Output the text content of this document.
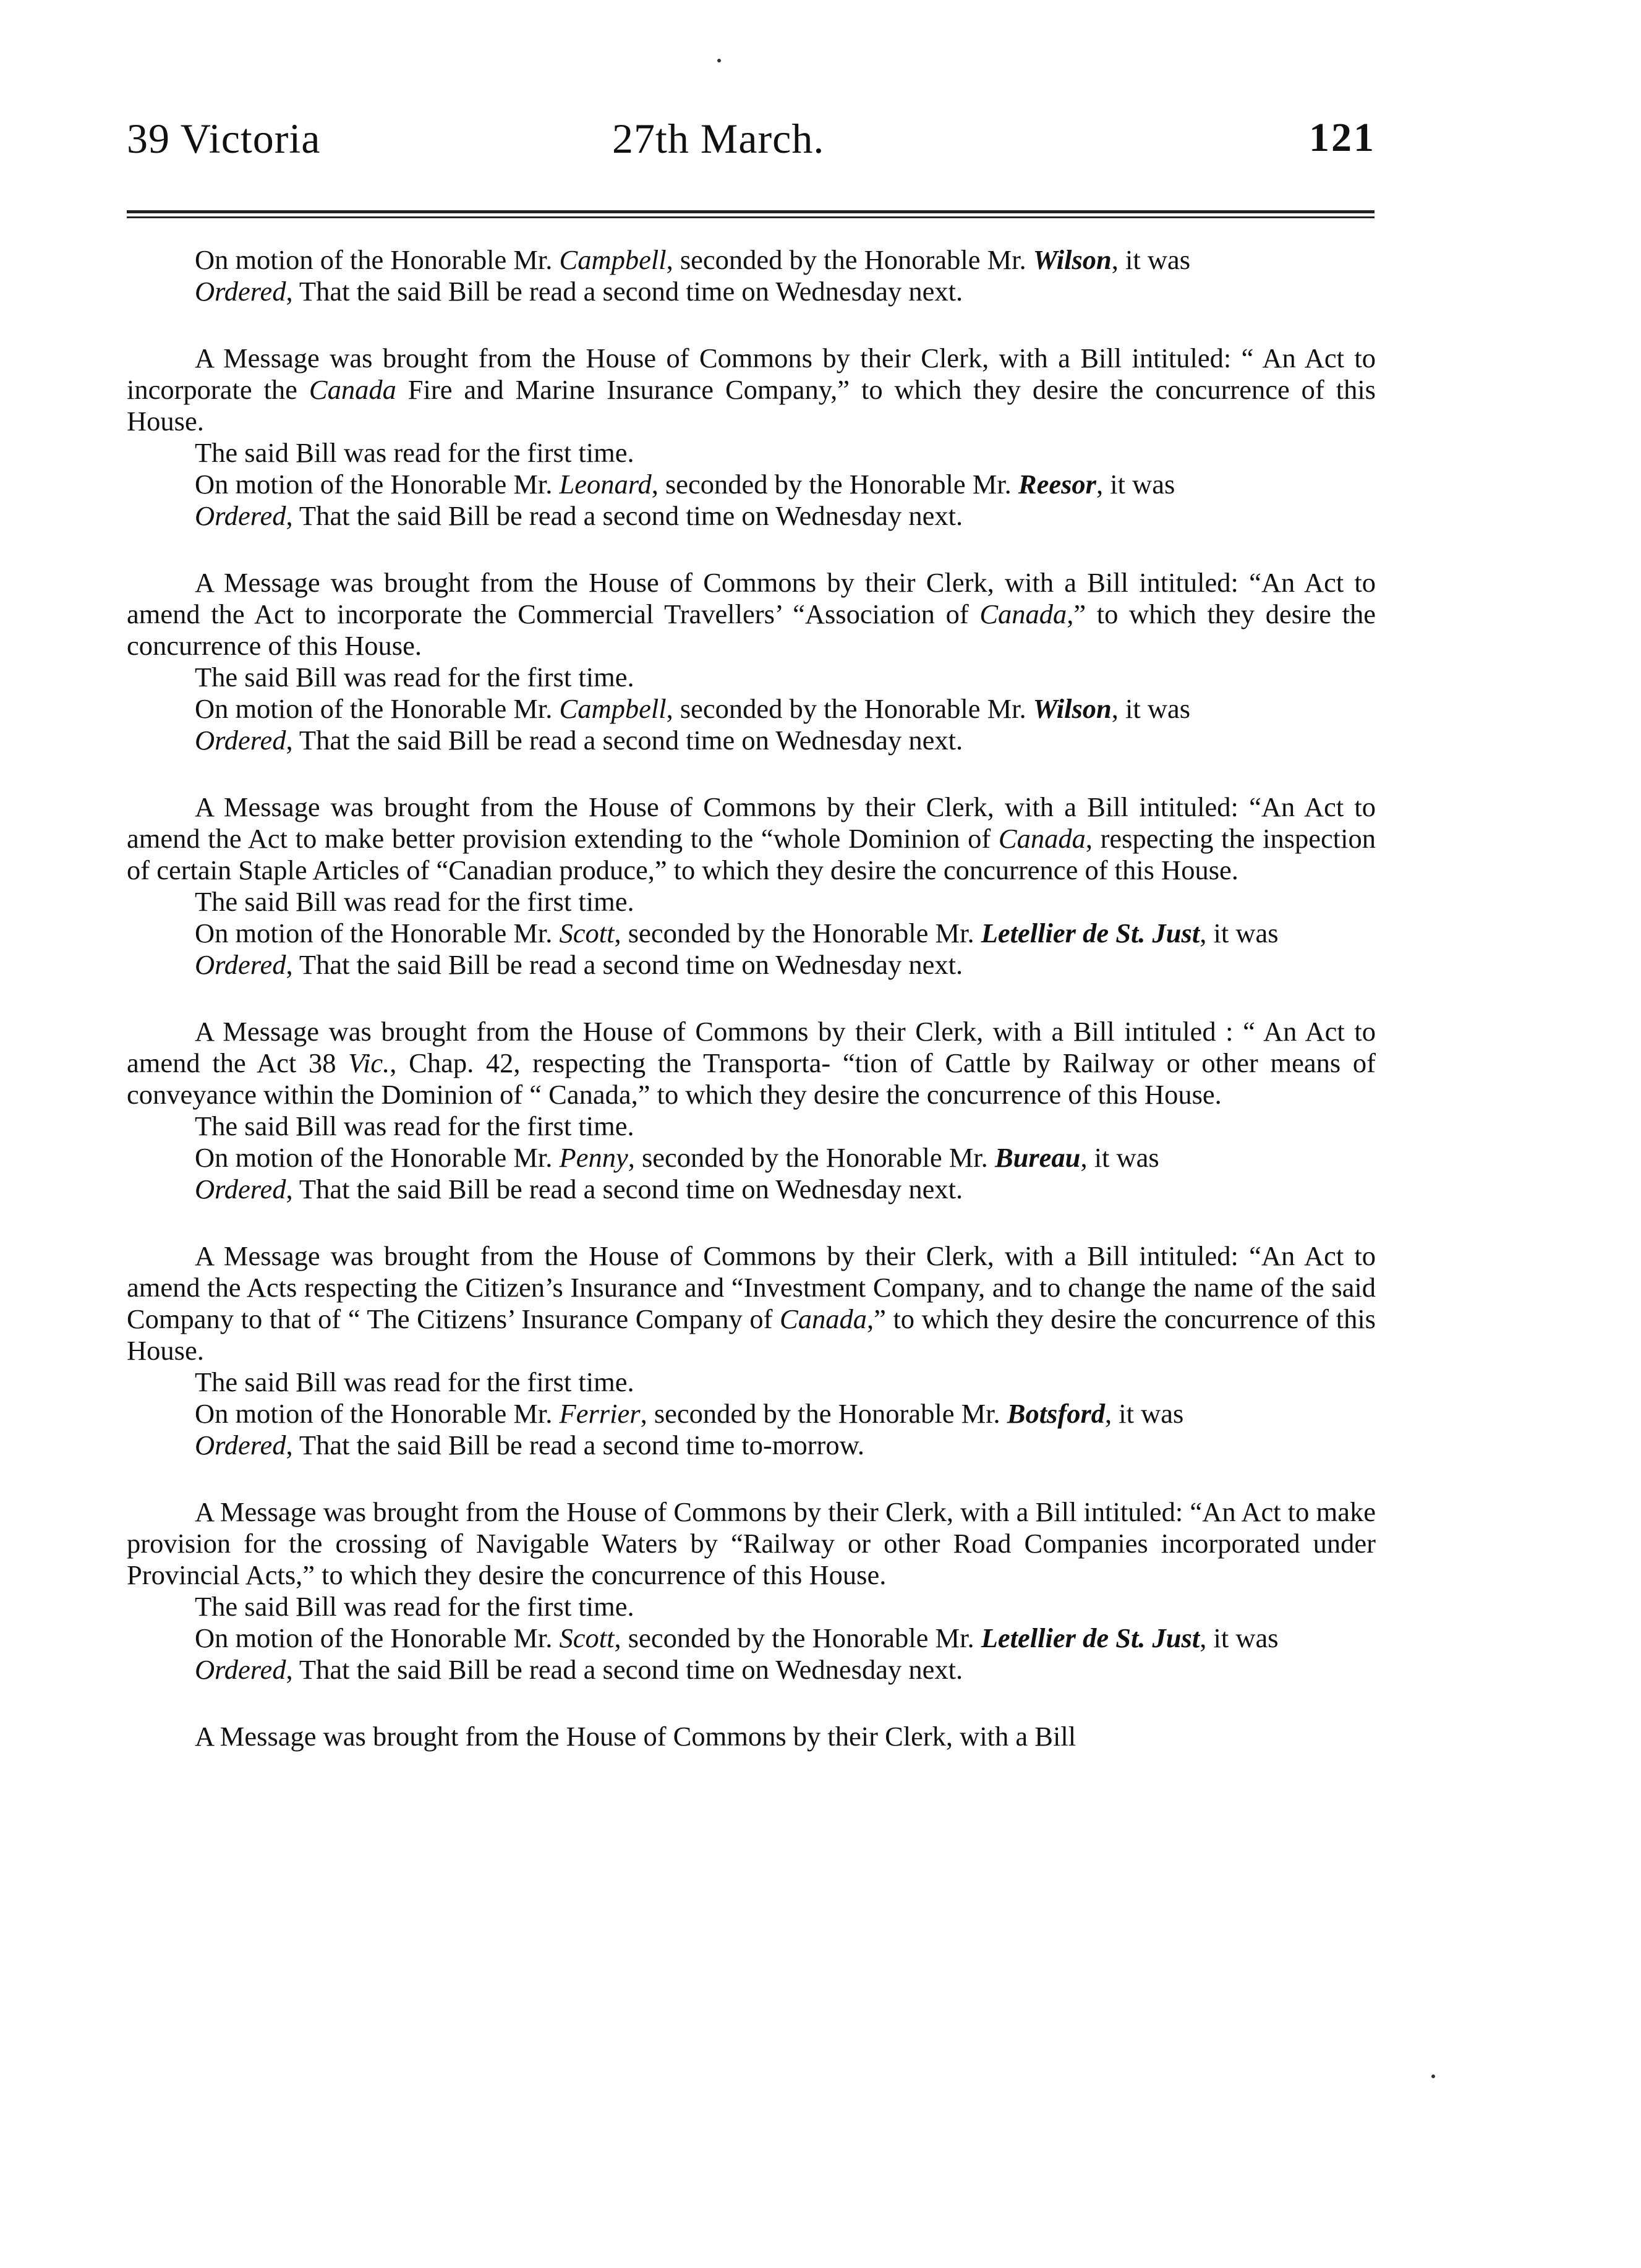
39 Victoria	27th March.	121

On motion of the Honorable Mr. Campbell, seconded by the Honorable Mr. Wilson, it was

Ordered, That the said Bill be read a second time on Wednesday next.

A Message was brought from the House of Commons by their Clerk, with a Bill intituled: “ An Act to incorporate the Canada Fire and Marine Insurance Company,” to which they desire the concurrence of this House.

The said Bill was read for the first time.

On motion of the Honorable Mr. Leonard, seconded by the Honorable Mr. Reesor, it was

Ordered, That the said Bill be read a second time on Wednesday next.

A Message was brought from the House of Commons by their Clerk, with a Bill intituled: “An Act to amend the Act to incorporate the Commercial Travellers’ “Association of Canada,” to which they desire the concurrence of this House.

The said Bill was read for the first time.

On motion of the Honorable Mr. Campbell, seconded by the Honorable Mr. Wilson, it was

Ordered, That the said Bill be read a second time on Wednesday next.

A Message was brought from the House of Commons by their Clerk, with a Bill intituled: “An Act to amend the Act to make better provision extending to the “whole Dominion of Canada, respecting the inspection of certain Staple Articles of “Canadian produce,” to which they desire the concurrence of this House.

The said Bill was read for the first time.

On motion of the Honorable Mr. Scott, seconded by the Honorable Mr. Letellier de St. Just, it was

Ordered, That the said Bill be read a second time on Wednesday next.

A Message was brought from the House of Commons by their Clerk, with a Bill intituled : “ An Act to amend the Act 38 Vic., Chap. 42, respecting the Transporta- “tion of Cattle by Railway or other means of conveyance within the Dominion of “ Canada,” to which they desire the concurrence of this House.

The said Bill was read for the first time.

On motion of the Honorable Mr. Penny, seconded by the Honorable Mr. Bureau, it was

Ordered, That the said Bill be read a second time on Wednesday next.

A Message was brought from the House of Commons by their Clerk, with a Bill intituled: “An Act to amend the Acts respecting the Citizen’s Insurance and “Investment Company, and to change the name of the said Company to that of “ The Citizens’ Insurance Company of Canada,” to which they desire the concurrence of this House.

The said Bill was read for the first time.

On motion of the Honorable Mr. Ferrier, seconded by the Honorable Mr. Botsford, it was

Ordered, That the said Bill be read a second time to-morrow.

A Message was brought from the House of Commons by their Clerk, with a Bill intituled: “An Act to make provision for the crossing of Navigable Waters by “Railway or other Road Companies incorporated under Provincial Acts,” to which they desire the concurrence of this House.

The said Bill was read for the first time.

On motion of the Honorable Mr. Scott, seconded by the Honorable Mr. Letellier de St. Just, it was

Ordered, That the said Bill be read a second time on Wednesday next.

A Message was brought from the House of Commons by their Clerk, with a Bill
